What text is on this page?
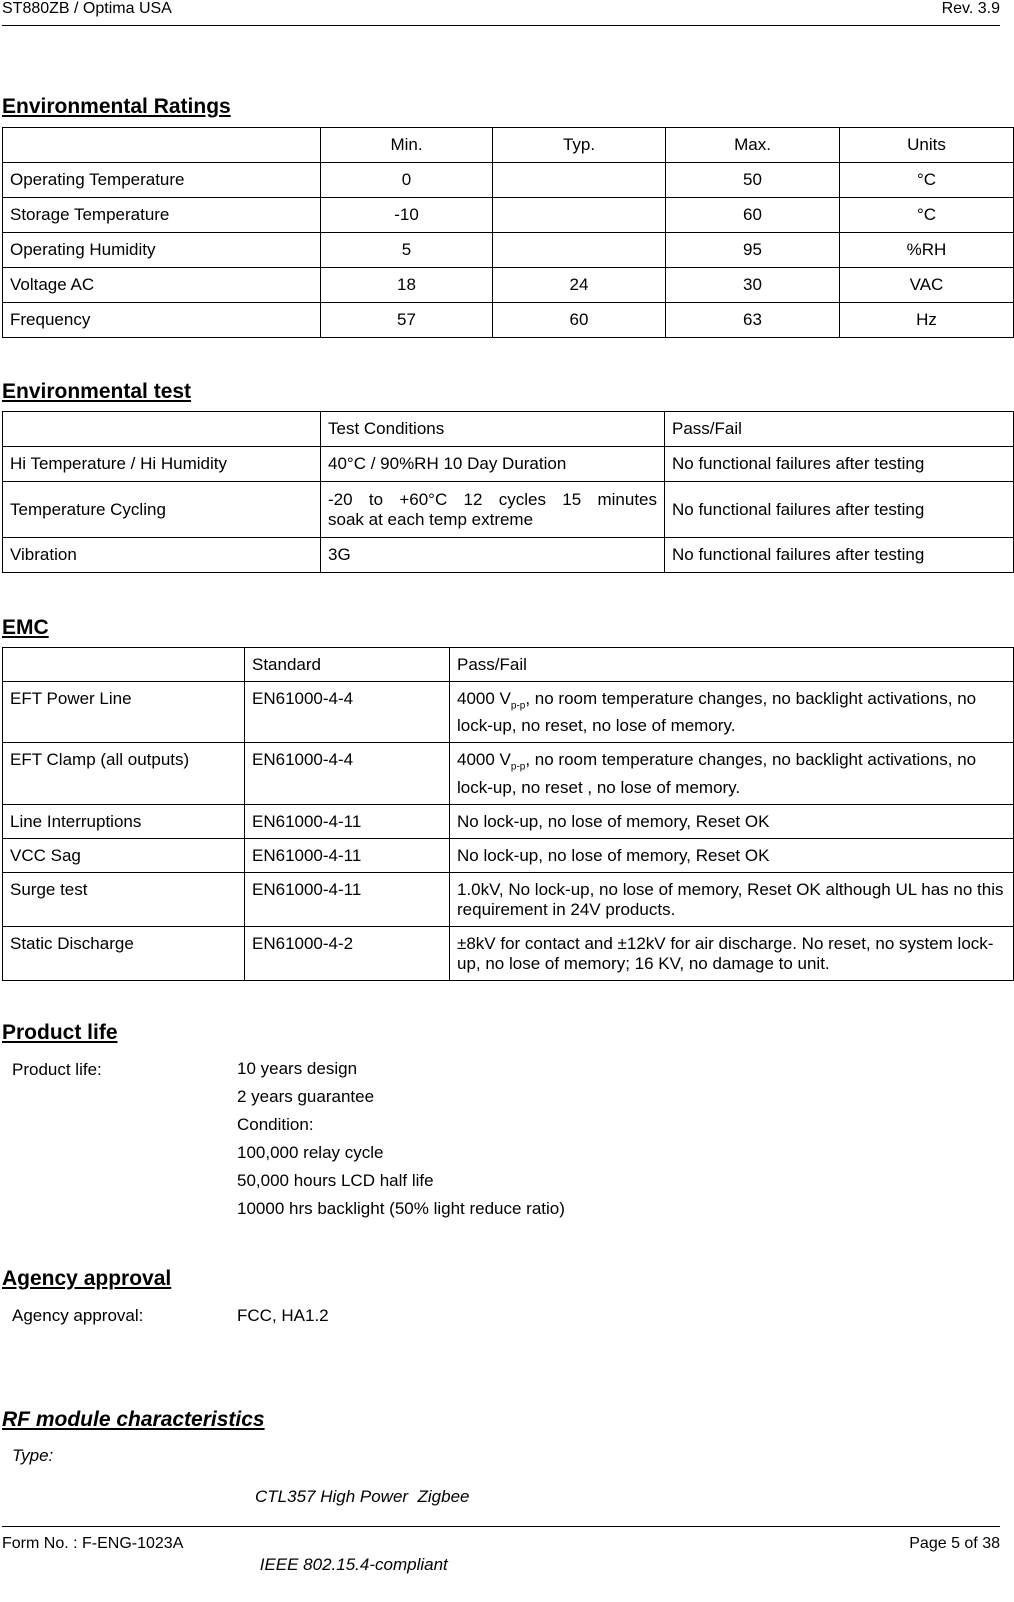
ST880ZB / Optima USA	Rev. 3.9
Environmental Ratings
	Min.	Typ.	Max.	Units
Operating Temperature	0		50	°C
Storage Temperature	-10		60	°C
Operating Humidity	5		95	%RH
Voltage AC	18	24	30	VAC
Frequency	57	60	63	Hz
Environmental test
	Test Conditions	Pass/Fail
Hi Temperature / Hi Humidity	40°C / 90%RH 10 Day Duration	No functional failures after testing
Temperature Cycling	-20 to +60°C 12 cycles 15 minutes
soak at each temp extreme	No functional failures after testing
Vibration	3G	No functional failures after testing
EMC
	Standard	Pass/Fail
EFT Power Line	EN61000-4-4	4000 $V_{p-p}$, no room temperature changes, no backlight activations, no lock-up, no reset, no lose of memory.
EFT Clamp (all outputs)	EN61000-4-4	4000 $V_{p-p}$, no room temperature changes, no backlight activations, no lock-up, no reset , no lose of memory.
Line Interruptions	EN61000-4-11	No lock-up, no lose of memory, Reset OK
VCC Sag	EN61000-4-11	No lock-up, no lose of memory, Reset OK
Surge test	EN61000-4-11	1.0kV, No lock-up, no lose of memory, Reset OK although UL has no this requirement in 24V products.
Static Discharge	EN61000-4-2	±8kV for contact and ±12kV for air discharge. No reset, no system lock-up, no lose of memory; 16 KV, no damage to unit.
Product life
Product life:	10 years design
2 years guarantee
Condition:
100,000 relay cycle
50,000 hours LCD half life
10000 hrs backlight (50% light reduce ratio)
Agency approval
Agency approval:	FCC, HA1.2
RF module characteristics
Type:

CTL357 High Power  Zigbee

IEEE 802.15.4-compliant

Form No. : F-ENG-1023A	Page 5 of 38
